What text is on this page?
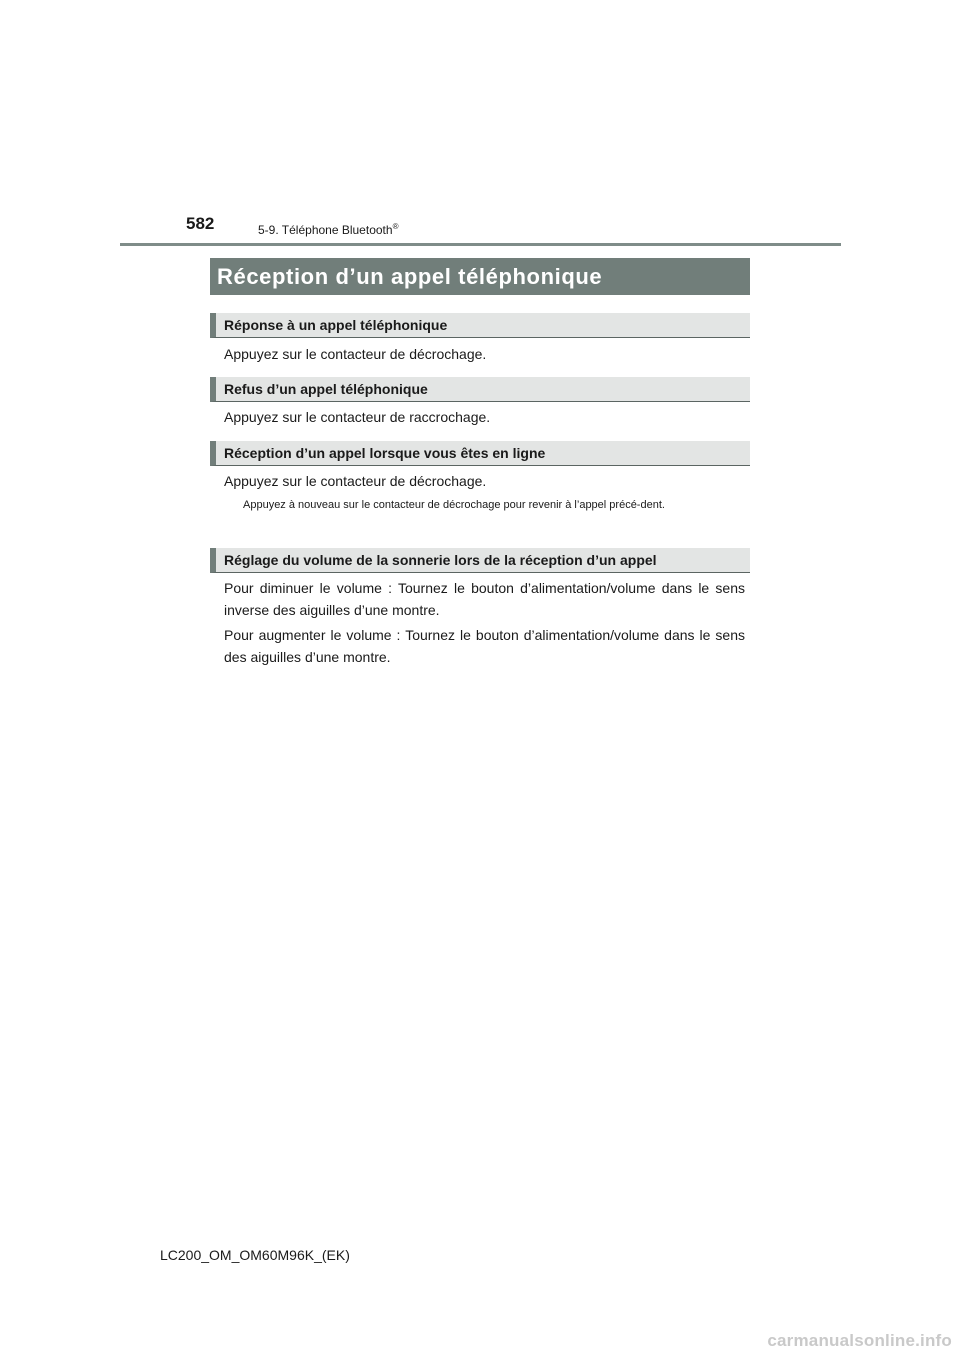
582	5-9. Téléphone Bluetooth®
Réception d’un appel téléphonique
Réponse à un appel téléphonique

Appuyez sur le contacteur de décrochage.

Refus d’un appel téléphonique

Appuyez sur le contacteur de raccrochage.

Réception d’un appel lorsque vous êtes en ligne

Appuyez sur le contacteur de décrochage.

Appuyez à nouveau sur le contacteur de décrochage pour revenir à l’appel précé-dent.

Réglage du volume de la sonnerie lors de la réception d’un appel

Pour diminuer le volume : Tournez le bouton d’alimentation/volume dans le sens inverse des aiguilles d’une montre.

Pour augmenter le volume : Tournez le bouton d’alimentation/volume dans le sens des aiguilles d’une montre.

LC200_OM_OM60M96K_(EK)
carmanualsonline.info
